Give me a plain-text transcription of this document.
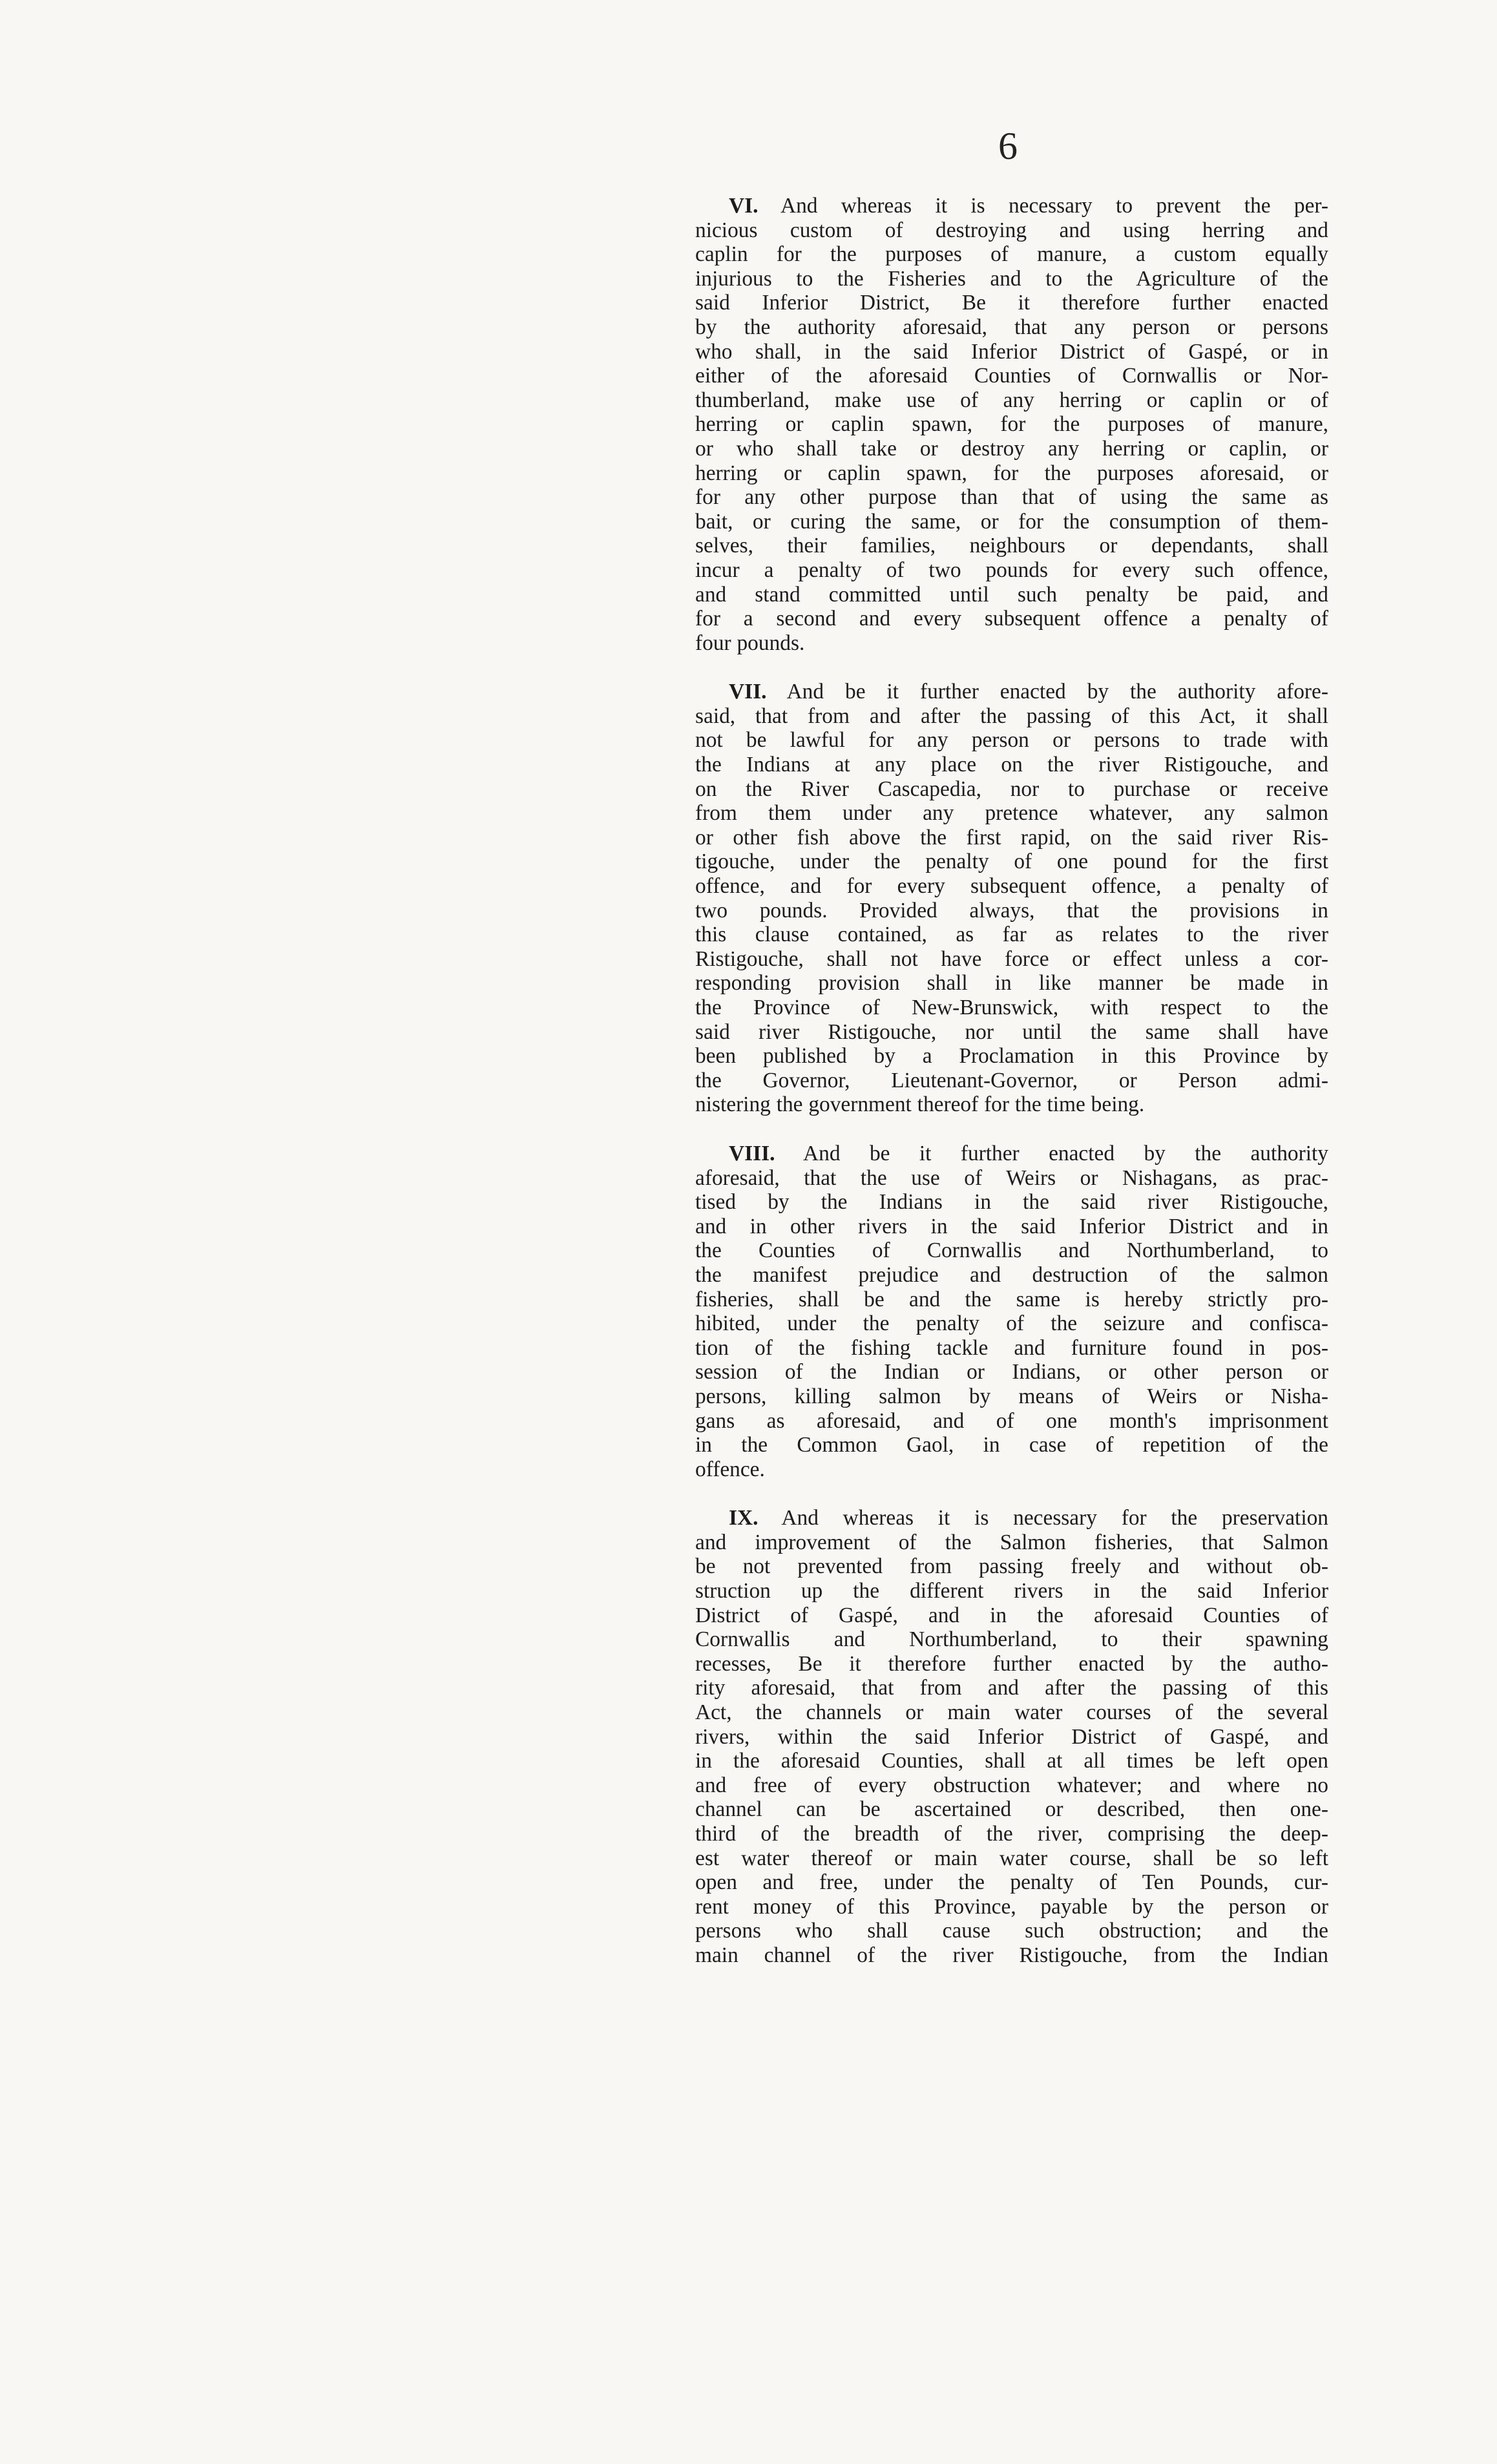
6
VI. And whereas it is necessary to prevent the per-
nicious custom of destroying and using herring and
caplin for the purposes of manure, a custom equally
injurious to the Fisheries and to the Agriculture of the
said Inferior District, Be it therefore further enacted
by the authority aforesaid, that any person or persons
who shall, in the said Inferior District of Gaspé, or in
either of the aforesaid Counties of Cornwallis or Nor-
thumberland, make use of any herring or caplin or of
herring or caplin spawn, for the purposes of manure,
or who shall take or destroy any herring or caplin, or
herring or caplin spawn, for the purposes aforesaid, or
for any other purpose than that of using the same as
bait, or curing the same, or for the consumption of them-
selves, their families, neighbours or dependants, shall
incur a penalty of two pounds for every such offence,
and stand committed until such penalty be paid, and
for a second and every subsequent offence a penalty of
four pounds.
VII. And be it further enacted by the authority afore-
said, that from and after the passing of this Act, it shall
not be lawful for any person or persons to trade with
the Indians at any place on the river Ristigouche, and
on the River Cascapedia, nor to purchase or receive
from them under any pretence whatever, any salmon
or other fish above the first rapid, on the said river Ris-
tigouche, under the penalty of one pound for the first
offence, and for every subsequent offence, a penalty of
two pounds. Provided always, that the provisions in
this clause contained, as far as relates to the river
Ristigouche, shall not have force or effect unless a cor-
responding provision shall in like manner be made in
the Province of New-Brunswick, with respect to the
said river Ristigouche, nor until the same shall have
been published by a Proclamation in this Province by
the Governor, Lieutenant-Governor, or Person admi-
nistering the government thereof for the time being.
VIII. And be it further enacted by the authority
aforesaid, that the use of Weirs or Nishagans, as prac-
tised by the Indians in the said river Ristigouche,
and in other rivers in the said Inferior District and in
the Counties of Cornwallis and Northumberland, to
the manifest prejudice and destruction of the salmon
fisheries, shall be and the same is hereby strictly pro-
hibited, under the penalty of the seizure and confisca-
tion of the fishing tackle and furniture found in pos-
session of the Indian or Indians, or other person or
persons, killing salmon by means of Weirs or Nisha-
gans as aforesaid, and of one month's imprisonment
in the Common Gaol, in case of repetition of the
offence.
IX. And whereas it is necessary for the preservation
and improvement of the Salmon fisheries, that Salmon
be not prevented from passing freely and without ob-
struction up the different rivers in the said Inferior
District of Gaspé, and in the aforesaid Counties of
Cornwallis and Northumberland, to their spawning
recesses, Be it therefore further enacted by the autho-
rity aforesaid, that from and after the passing of this
Act, the channels or main water courses of the several
rivers, within the said Inferior District of Gaspé, and
in the aforesaid Counties, shall at all times be left open
and free of every obstruction whatever; and where no
channel can be ascertained or described, then one-
third of the breadth of the river, comprising the deep-
est water thereof or main water course, shall be so left
open and free, under the penalty of Ten Pounds, cur-
rent money of this Province, payable by the person or
persons who shall cause such obstruction; and the
main channel of the river Ristigouche, from the Indian
